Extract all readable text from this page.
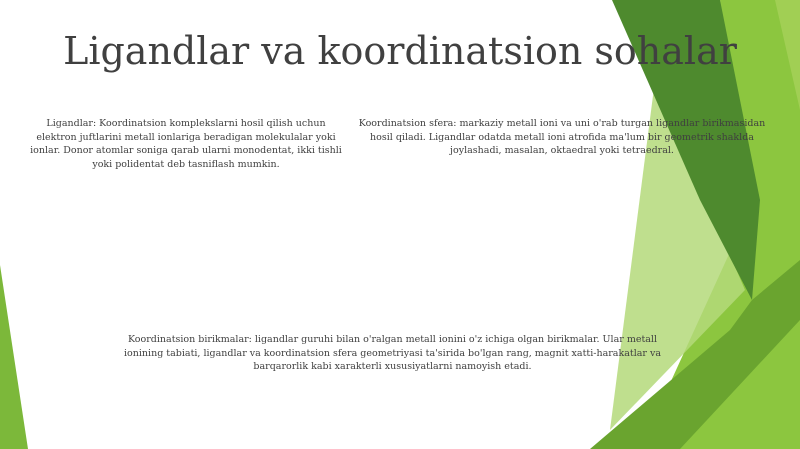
Ligandlar va koordinatsion sohalar
Ligandlar: Koordinatsion komplekslarni hosil qilish uchun elektron juftlarini metall ionlariga beradigan molekulalar yoki ionlar. Donor atomlar soniga qarab ularni monodentat, ikki tishli yoki polidentat deb tasniflash mumkin.
Koordinatsion sfera: markaziy metall ioni va uni o'rab turgan ligandlar birikmasidan hosil qiladi. Ligandlar odatda metall ioni atrofida ma'lum bir geometrik shaklda joylashadi, masalan, oktaedral yoki tetraedral.
Koordinatsion birikmalar: ligandlar guruhi bilan o'ralgan metall ionini o'z ichiga olgan birikmalar. Ular metall ionining tabiati, ligandlar va koordinatsion sfera geometriyasi ta'sirida bo'lgan rang, magnit xatti-harakatlar va barqarorlik kabi xarakterli xususiyatlarni namoyish etadi.
